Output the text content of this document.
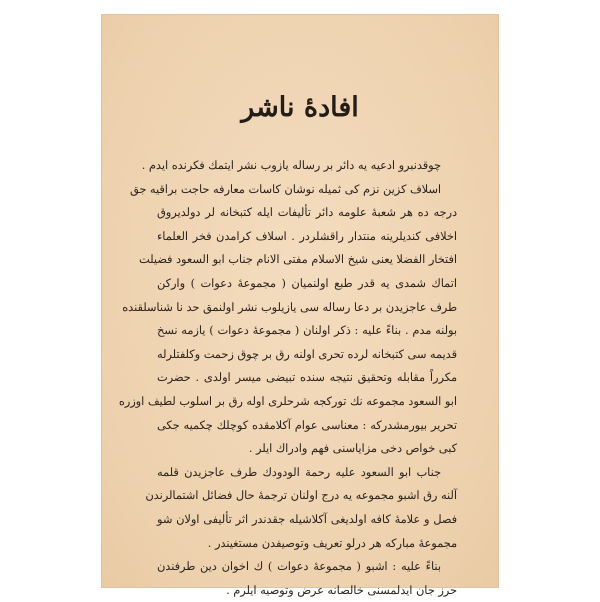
افادۀ ناشر
چوقدنبرو ادعیه یه دائر بر رساله یازوب نشر ایتمك فكرنده ایدم .
اسلاف كزین نزم كی ثمیله نوشان كاسات معارفه حاجت براقیه جق
درجه ده هر شعبۀ علومه دائر تألیفات ایله كتبخانه لر دولدیروق
اخلافی كندیلرینه منتدار راقشلردر . اسلاف كرامدن فخر العلماء
افتخار الفضلا یعنی شیخ الاسلام مفتی الانام جناب ابو السعود فضیلت
اتماك شمدی یه قدر طبع اولنمیان ( مجموعۀ دعوات ) واركن
طرف عاجزیدن بر دعا رساله سی یازیلوب نشر اولنمق حد نا شناسلقنده
بولنه مدم . بناءً علیه : ذكر اولنان ( مجموعۀ دعوات ) یازمه نسخ
قدیمه سی كتبخانه لرده تحری اولنه رق بر چوق زحمت وكلفتلرله
مكرراً مقابله وتحقیق نتیجه سنده تبیضی میسر اولدی . حضرت
ابو السعود مجموعه نك توركجه شرحلری اوله رق بر اسلوب لطیف اوزره
تحریر بیورمشدرکه : معناسی عوام آكلامقده كوچلك چكمیه جكی
كبی خواص دخی مزایاسنی فهم وادراك ایلر .
جناب ابو السعود علیه رحمة الودودك طرف عاجزیدن قلمه
آلنه رق اشبو مجموعه یه درج اولنان ترجمۀ حال فضائل اشتمالرندن
فصل و علامۀ كافه اولدیغی آكلاشیله جقدندر اثر تألیفی اولان شو
مجموعۀ مباركه هر درلو تعریف وتوصیفدن مستغیندر .
بناءً علیه : اشبو ( مجموعۀ دعوات ) ك اخوان دین طرفندن
حرز جان ایدلمسنی خالصانه عرض وتوصیه ایلرم .
